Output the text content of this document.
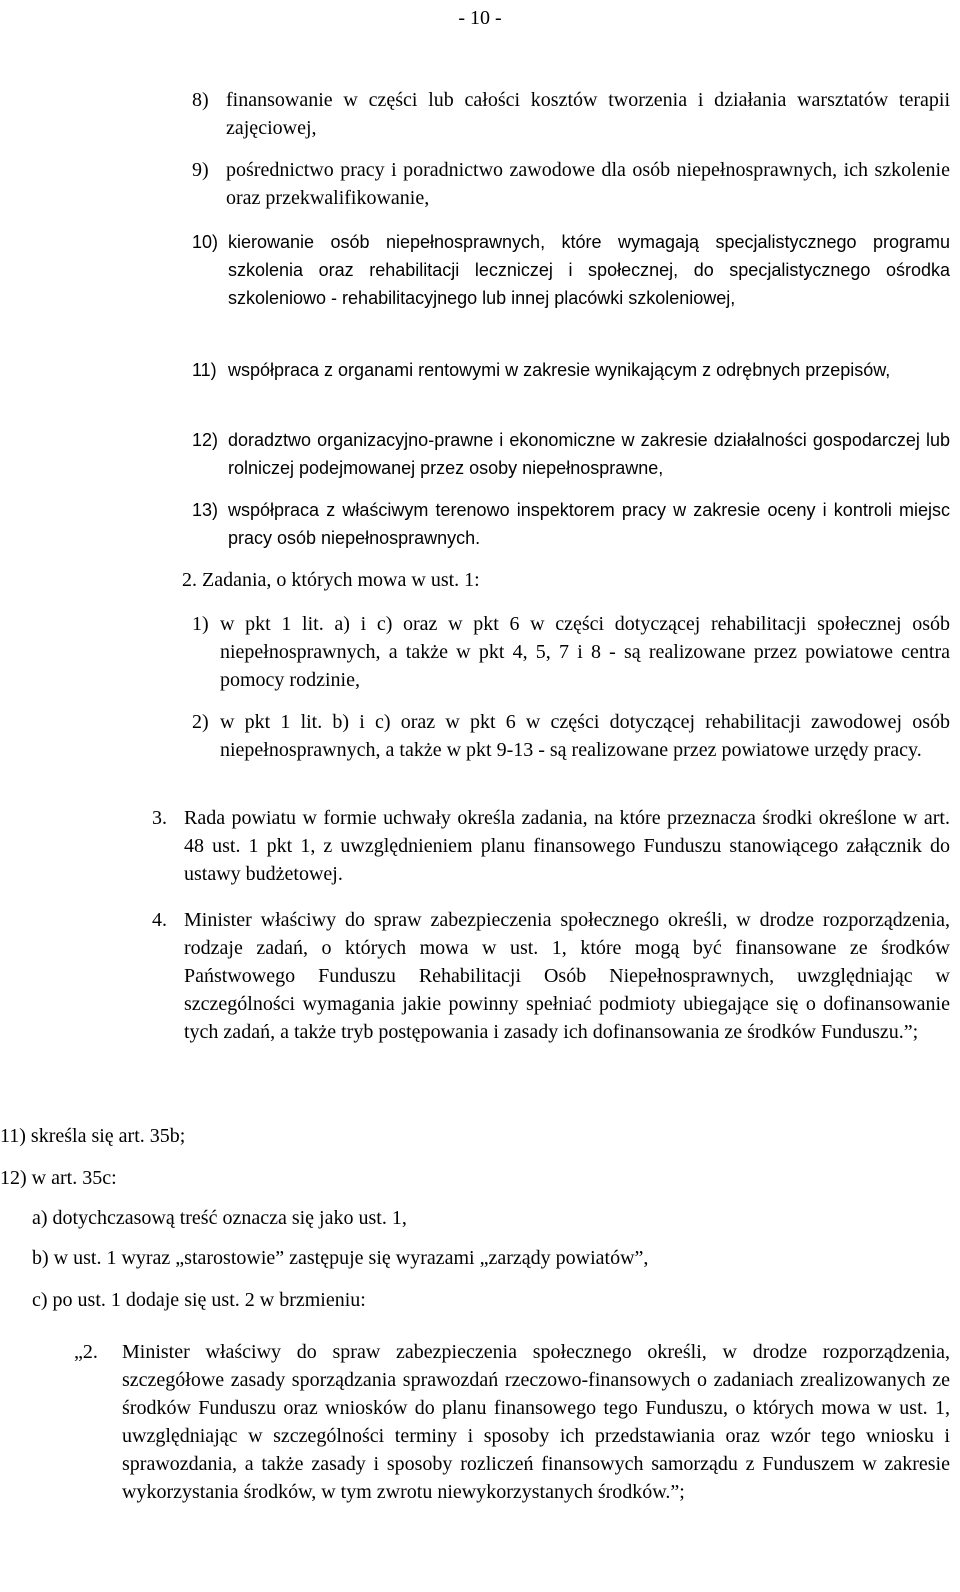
- 10 -
8) finansowanie w części lub całości kosztów tworzenia i działania warsztatów terapii zajęciowej,
9) pośrednictwo pracy i poradnictwo zawodowe dla osób niepełnosprawnych, ich szkolenie oraz przekwalifikowanie,
10) kierowanie osób niepełnosprawnych, które wymagają specjalistycznego programu szkolenia oraz rehabilitacji leczniczej i społecznej, do specjalistycznego ośrodka szkoleniowo - rehabilitacyjnego lub innej placówki szkoleniowej,
11) współpraca z organami rentowymi w zakresie wynikającym z odrębnych przepisów,
12) doradztwo organizacyjno-prawne i ekonomiczne w zakresie działalności gospodarczej lub rolniczej podejmowanej przez osoby niepełnosprawne,
13) współpraca z właściwym terenowo inspektorem pracy w zakresie oceny i kontroli miejsc pracy osób niepełnosprawnych.
2. Zadania, o których mowa w ust. 1:
1) w pkt 1 lit. a) i c) oraz w pkt 6 w części dotyczącej rehabilitacji społecznej osób niepełnosprawnych, a także w pkt 4, 5, 7 i 8 - są realizowane przez powiatowe centra pomocy rodzinie,
2) w pkt 1 lit. b) i c) oraz w pkt 6 w części dotyczącej rehabilitacji zawodowej osób niepełnosprawnych, a także w pkt 9-13 - są realizowane przez powiatowe urzędy pracy.
3. Rada powiatu w formie uchwały określa zadania, na które przeznacza środki określone w art. 48 ust. 1 pkt 1, z uwzględnieniem planu finansowego Funduszu stanowiącego załącznik do ustawy budżetowej.
4. Minister właściwy do spraw zabezpieczenia społecznego określi, w drodze rozporządzenia, rodzaje zadań, o których mowa w ust. 1, które mogą być finansowane ze środków Państwowego Funduszu Rehabilitacji Osób Niepełnosprawnych, uwzględniając w szczególności wymagania jakie powinny spełniać podmioty ubiegające się o dofinansowanie tych zadań, a także tryb postępowania i zasady ich dofinansowania ze środków Funduszu.”;
11) skreśla się art. 35b;
12) w art. 35c:
a) dotychczasową treść oznacza się jako ust. 1,
b) w ust. 1 wyraz „starostowie” zastępuje się wyrazami „zarządy powiatów”,
c) po ust. 1 dodaje się ust. 2 w brzmieniu:
„2.	Minister właściwy do spraw zabezpieczenia społecznego określi, w drodze rozporządzenia, szczegółowe zasady sporządzania sprawozdań rzeczowo-finansowych o zadaniach zrealizowanych ze środków Funduszu oraz wniosków do planu finansowego tego Funduszu, o których mowa w ust. 1, uwzględniając w szczególności terminy i sposoby ich przedstawiania oraz wzór tego wniosku i sprawozdania, a także zasady i sposoby rozliczeń finansowych samorządu z Funduszem w zakresie wykorzystania środków, w tym zwrotu niewykorzystanych środków.”;
